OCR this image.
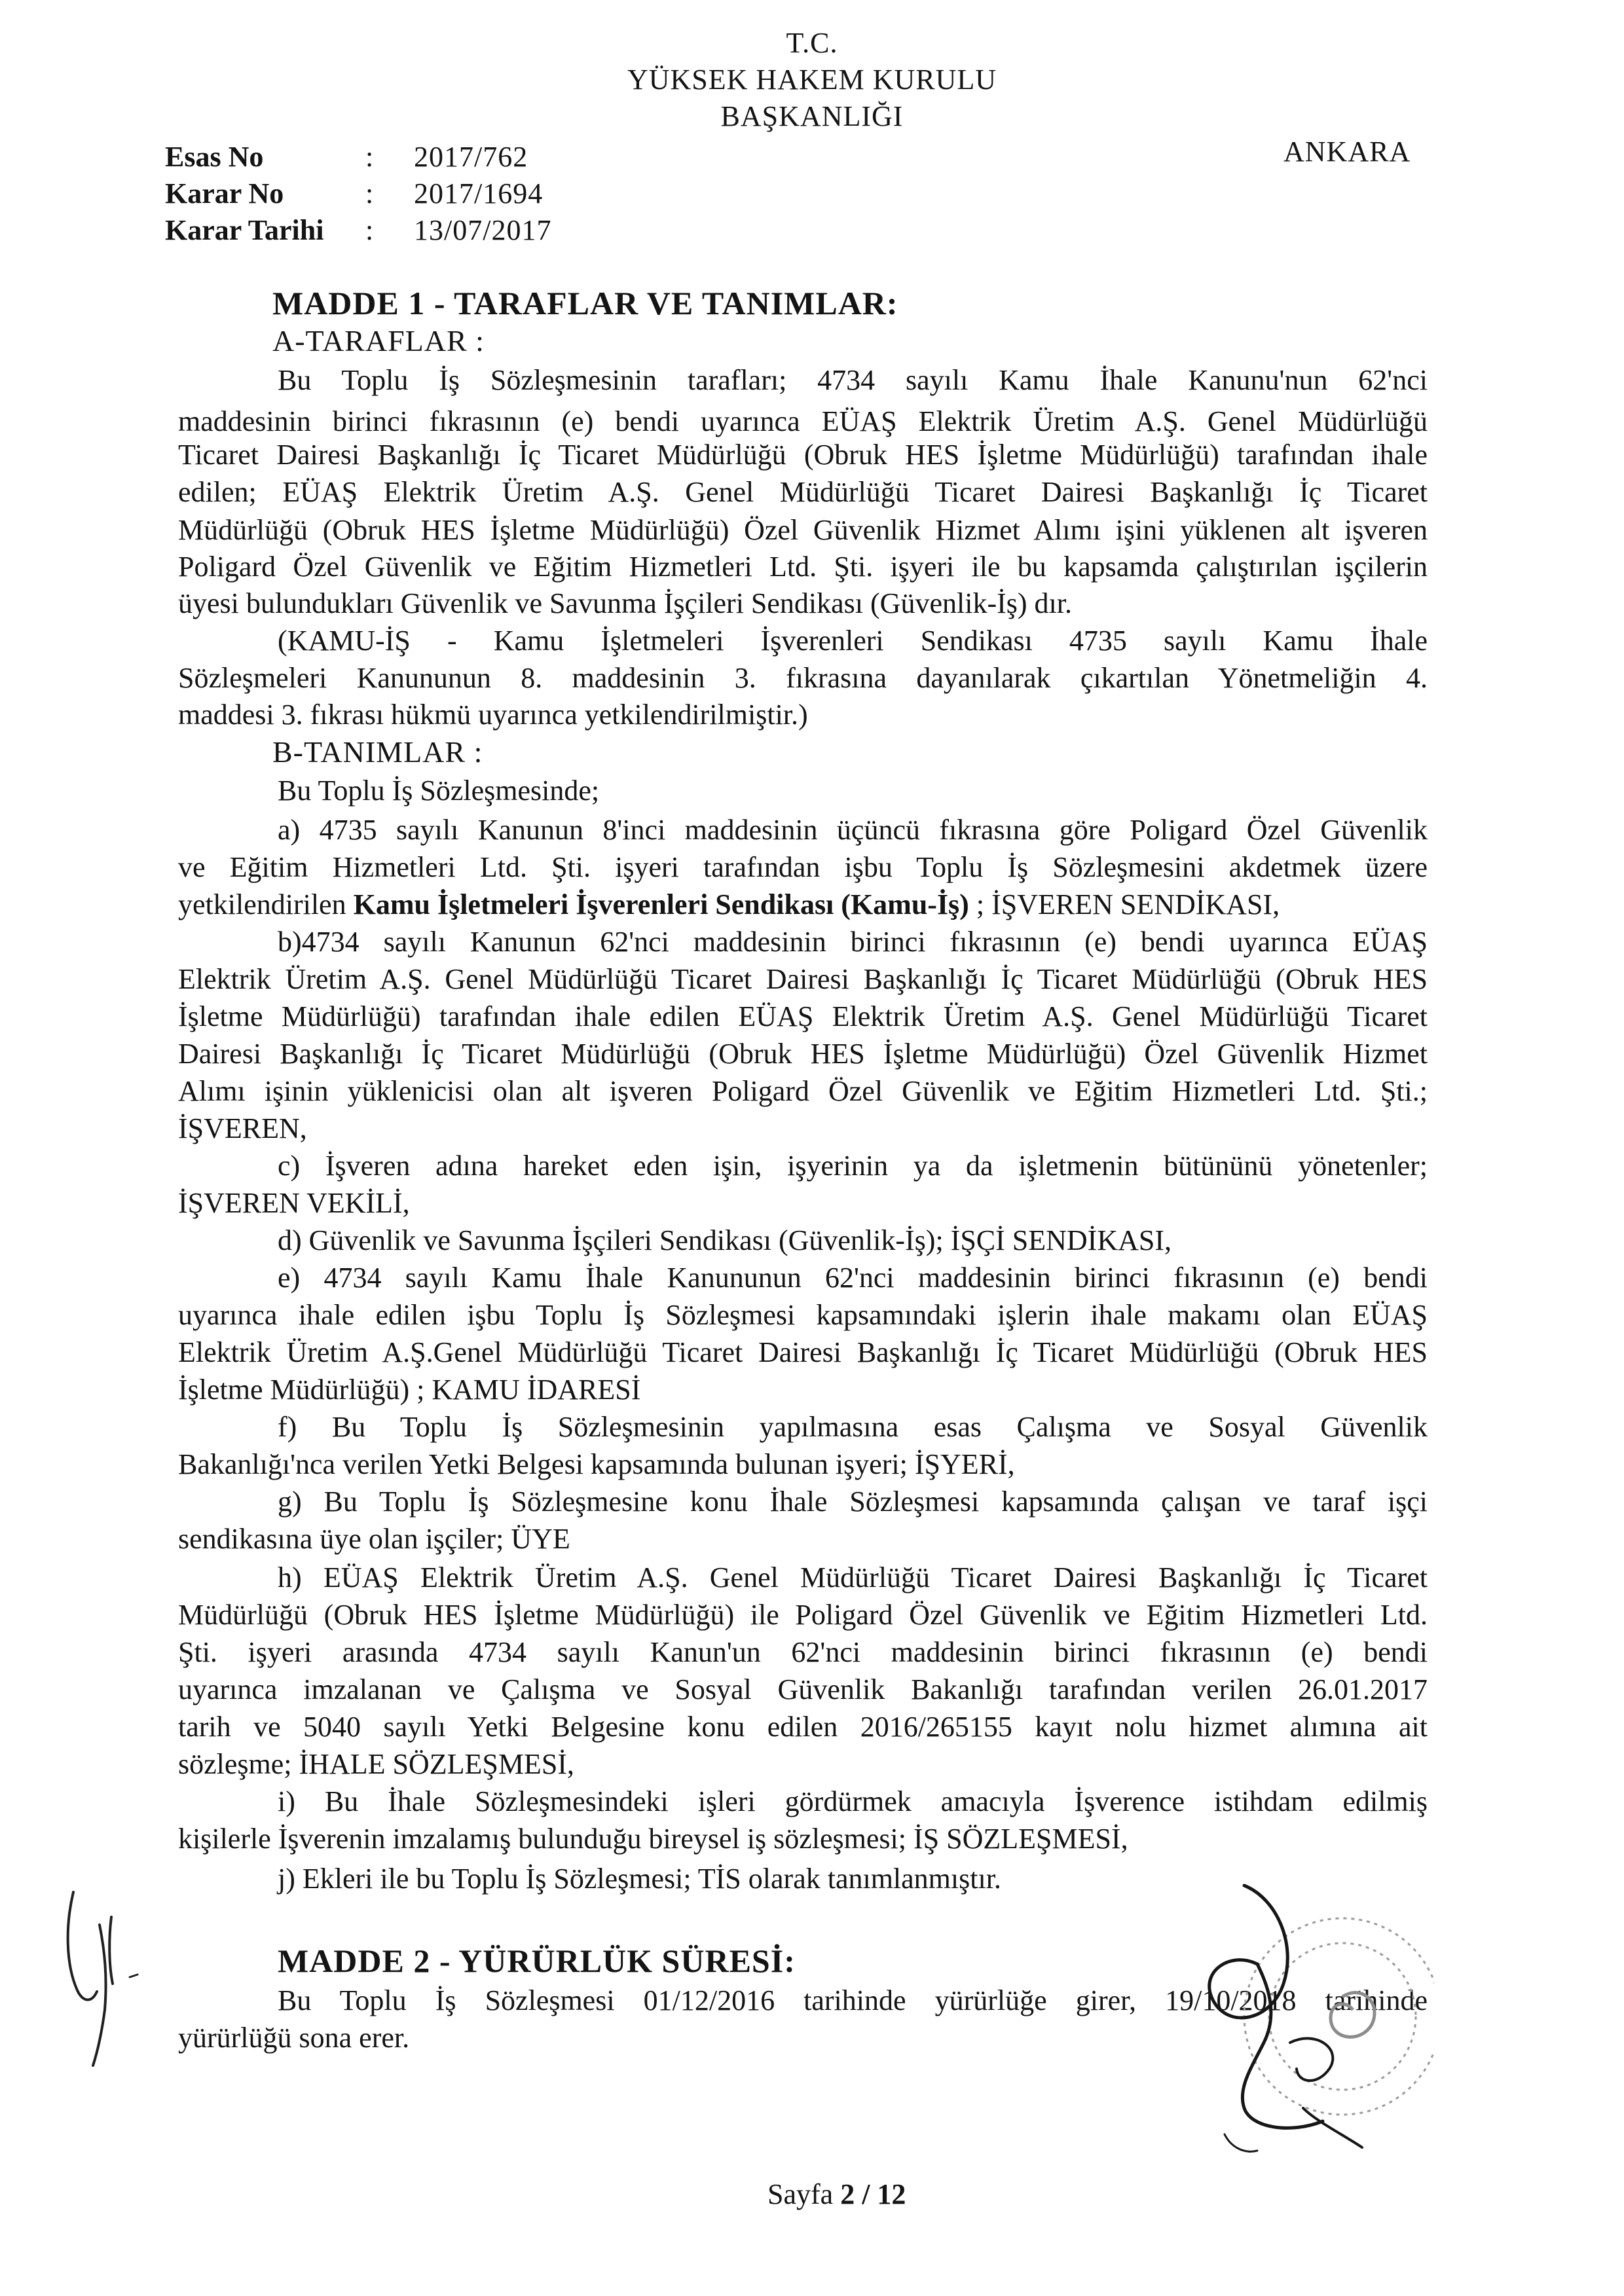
T.C.
YÜKSEK HAKEM KURULU
BAŞKANLIĞI
ANKARA
Esas No	: 2017/762
Karar No	: 2017/1694
Karar Tarihi : 13/07/2017
MADDE 1 - TARAFLAR VE TANIMLAR:
A-TARAFLAR :
Bu Toplu İş Sözleşmesinin tarafları; 4734 sayılı Kamu İhale Kanunu'nun 62'nci
maddesinin birinci fıkrasının (e) bendi uyarınca EÜAŞ Elektrik Üretim A.Ş. Genel Müdürlüğü
Ticaret Dairesi Başkanlığı İç Ticaret Müdürlüğü (Obruk HES İşletme Müdürlüğü) tarafından ihale
edilen; EÜAŞ Elektrik Üretim A.Ş. Genel Müdürlüğü Ticaret Dairesi Başkanlığı İç Ticaret
Müdürlüğü (Obruk HES İşletme Müdürlüğü) Özel Güvenlik Hizmet Alımı işini yüklenen alt işveren
Poligard Özel Güvenlik ve Eğitim Hizmetleri Ltd. Şti. işyeri ile bu kapsamda çalıştırılan işçilerin
üyesi bulundukları Güvenlik ve Savunma İşçileri Sendikası (Güvenlik-İş) dır.
(KAMU-İŞ - Kamu İşletmeleri İşverenleri Sendikası 4735 sayılı Kamu İhale
Sözleşmeleri Kanununun 8. maddesinin 3. fıkrasına dayanılarak çıkartılan Yönetmeliğin 4.
maddesi 3. fıkrası hükmü uyarınca yetkilendirilmiştir.)
B-TANIMLAR :
Bu Toplu İş Sözleşmesinde;
a) 4735 sayılı Kanunun 8'inci maddesinin üçüncü fıkrasına göre Poligard Özel Güvenlik
ve Eğitim Hizmetleri Ltd. Şti. işyeri tarafından işbu Toplu İş Sözleşmesini akdetmek üzere
yetkilendirilen Kamu İşletmeleri İşverenleri Sendikası (Kamu-İş) ; İŞVEREN SENDİKASI,
b)4734 sayılı Kanunun 62'nci maddesinin birinci fıkrasının (e) bendi uyarınca EÜAŞ
Elektrik Üretim A.Ş. Genel Müdürlüğü Ticaret Dairesi Başkanlığı İç Ticaret Müdürlüğü (Obruk HES
İşletme Müdürlüğü) tarafından ihale edilen EÜAŞ Elektrik Üretim A.Ş. Genel Müdürlüğü Ticaret
Dairesi Başkanlığı İç Ticaret Müdürlüğü (Obruk HES İşletme Müdürlüğü) Özel Güvenlik Hizmet
Alımı işinin yüklenicisi olan alt işveren Poligard Özel Güvenlik ve Eğitim Hizmetleri Ltd. Şti.;
İŞVEREN,
c) İşveren adına hareket eden işin, işyerinin ya da işletmenin bütününü yönetenler;
İŞVEREN VEKİLİ,
d) Güvenlik ve Savunma İşçileri Sendikası (Güvenlik-İş); İŞÇİ SENDİKASI,
e) 4734 sayılı Kamu İhale Kanununun 62'nci maddesinin birinci fıkrasının (e) bendi
uyarınca ihale edilen işbu Toplu İş Sözleşmesi kapsamındaki işlerin ihale makamı olan EÜAŞ
Elektrik Üretim A.Ş.Genel Müdürlüğü Ticaret Dairesi Başkanlığı İç Ticaret Müdürlüğü (Obruk HES
İşletme Müdürlüğü) ; KAMU İDARESİ
f) Bu Toplu İş Sözleşmesinin yapılmasına esas Çalışma ve Sosyal Güvenlik
Bakanlığı'nca verilen Yetki Belgesi kapsamında bulunan işyeri; İŞYERİ,
g) Bu Toplu İş Sözleşmesine konu İhale Sözleşmesi kapsamında çalışan ve taraf işçi
sendikasına üye olan işçiler; ÜYE
h) EÜAŞ Elektrik Üretim A.Ş. Genel Müdürlüğü Ticaret Dairesi Başkanlığı İç Ticaret
Müdürlüğü (Obruk HES İşletme Müdürlüğü) ile Poligard Özel Güvenlik ve Eğitim Hizmetleri Ltd.
Şti. işyeri arasında 4734 sayılı Kanun'un 62'nci maddesinin birinci fıkrasının (e) bendi
uyarınca imzalanan ve Çalışma ve Sosyal Güvenlik Bakanlığı tarafından verilen 26.01.2017
tarih ve 5040 sayılı Yetki Belgesine konu edilen 2016/265155 kayıt nolu hizmet alımına ait
sözleşme; İHALE SÖZLEŞMESİ,
i) Bu İhale Sözleşmesindeki işleri gördürmek amacıyla İşverence istihdam edilmiş
kişilerle İşverenin imzalamış bulunduğu bireysel iş sözleşmesi; İŞ SÖZLEŞMESİ,
j) Ekleri ile bu Toplu İş Sözleşmesi; TİS olarak tanımlanmıştır.
MADDE 2 - YÜRÜRLÜK SÜRESİ:
Bu Toplu İş Sözleşmesi 01/12/2016 tarihinde yürürlüğe girer, 19/10/2018 tarihinde
yürürlüğü sona erer.
Sayfa 2 / 12
